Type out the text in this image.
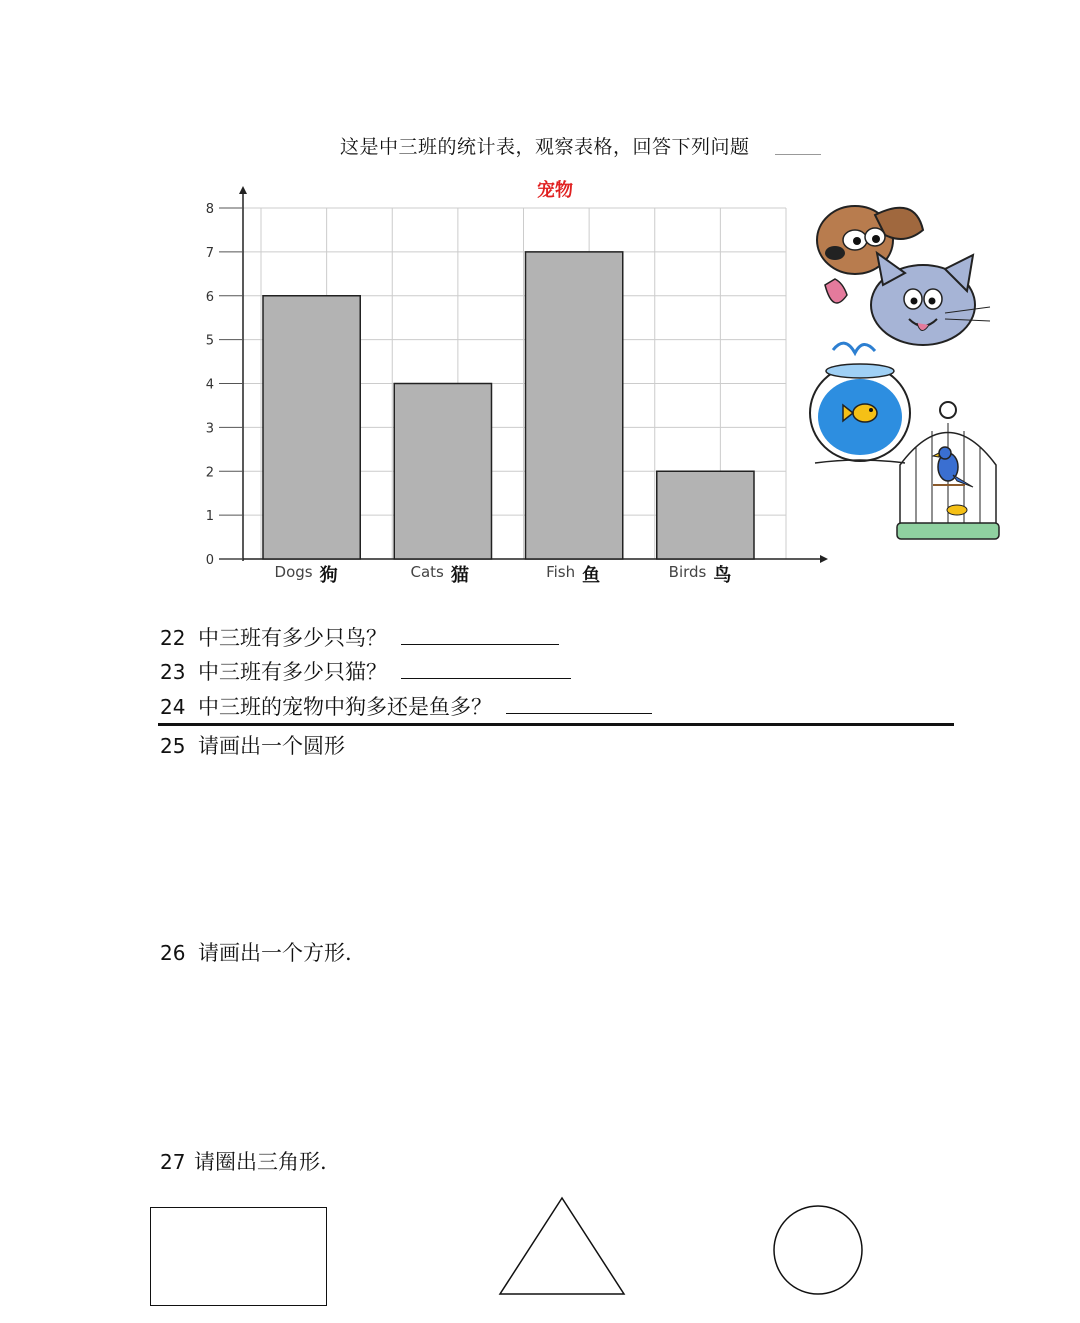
这是中三班的统计表，观察表格，回答下列问题
宠物
0
1
2
3
4
5
6
7
8
Dogs 狗	Cats 猫	Fish 鱼	Birds 鸟
22 中三班有多少只鸟？
23 中三班有多少只猫？
24 中三班的宠物中狗多还是鱼多？
25 请画出一个圆形
26 请画出一个方形.
27 请圈出三角形.
